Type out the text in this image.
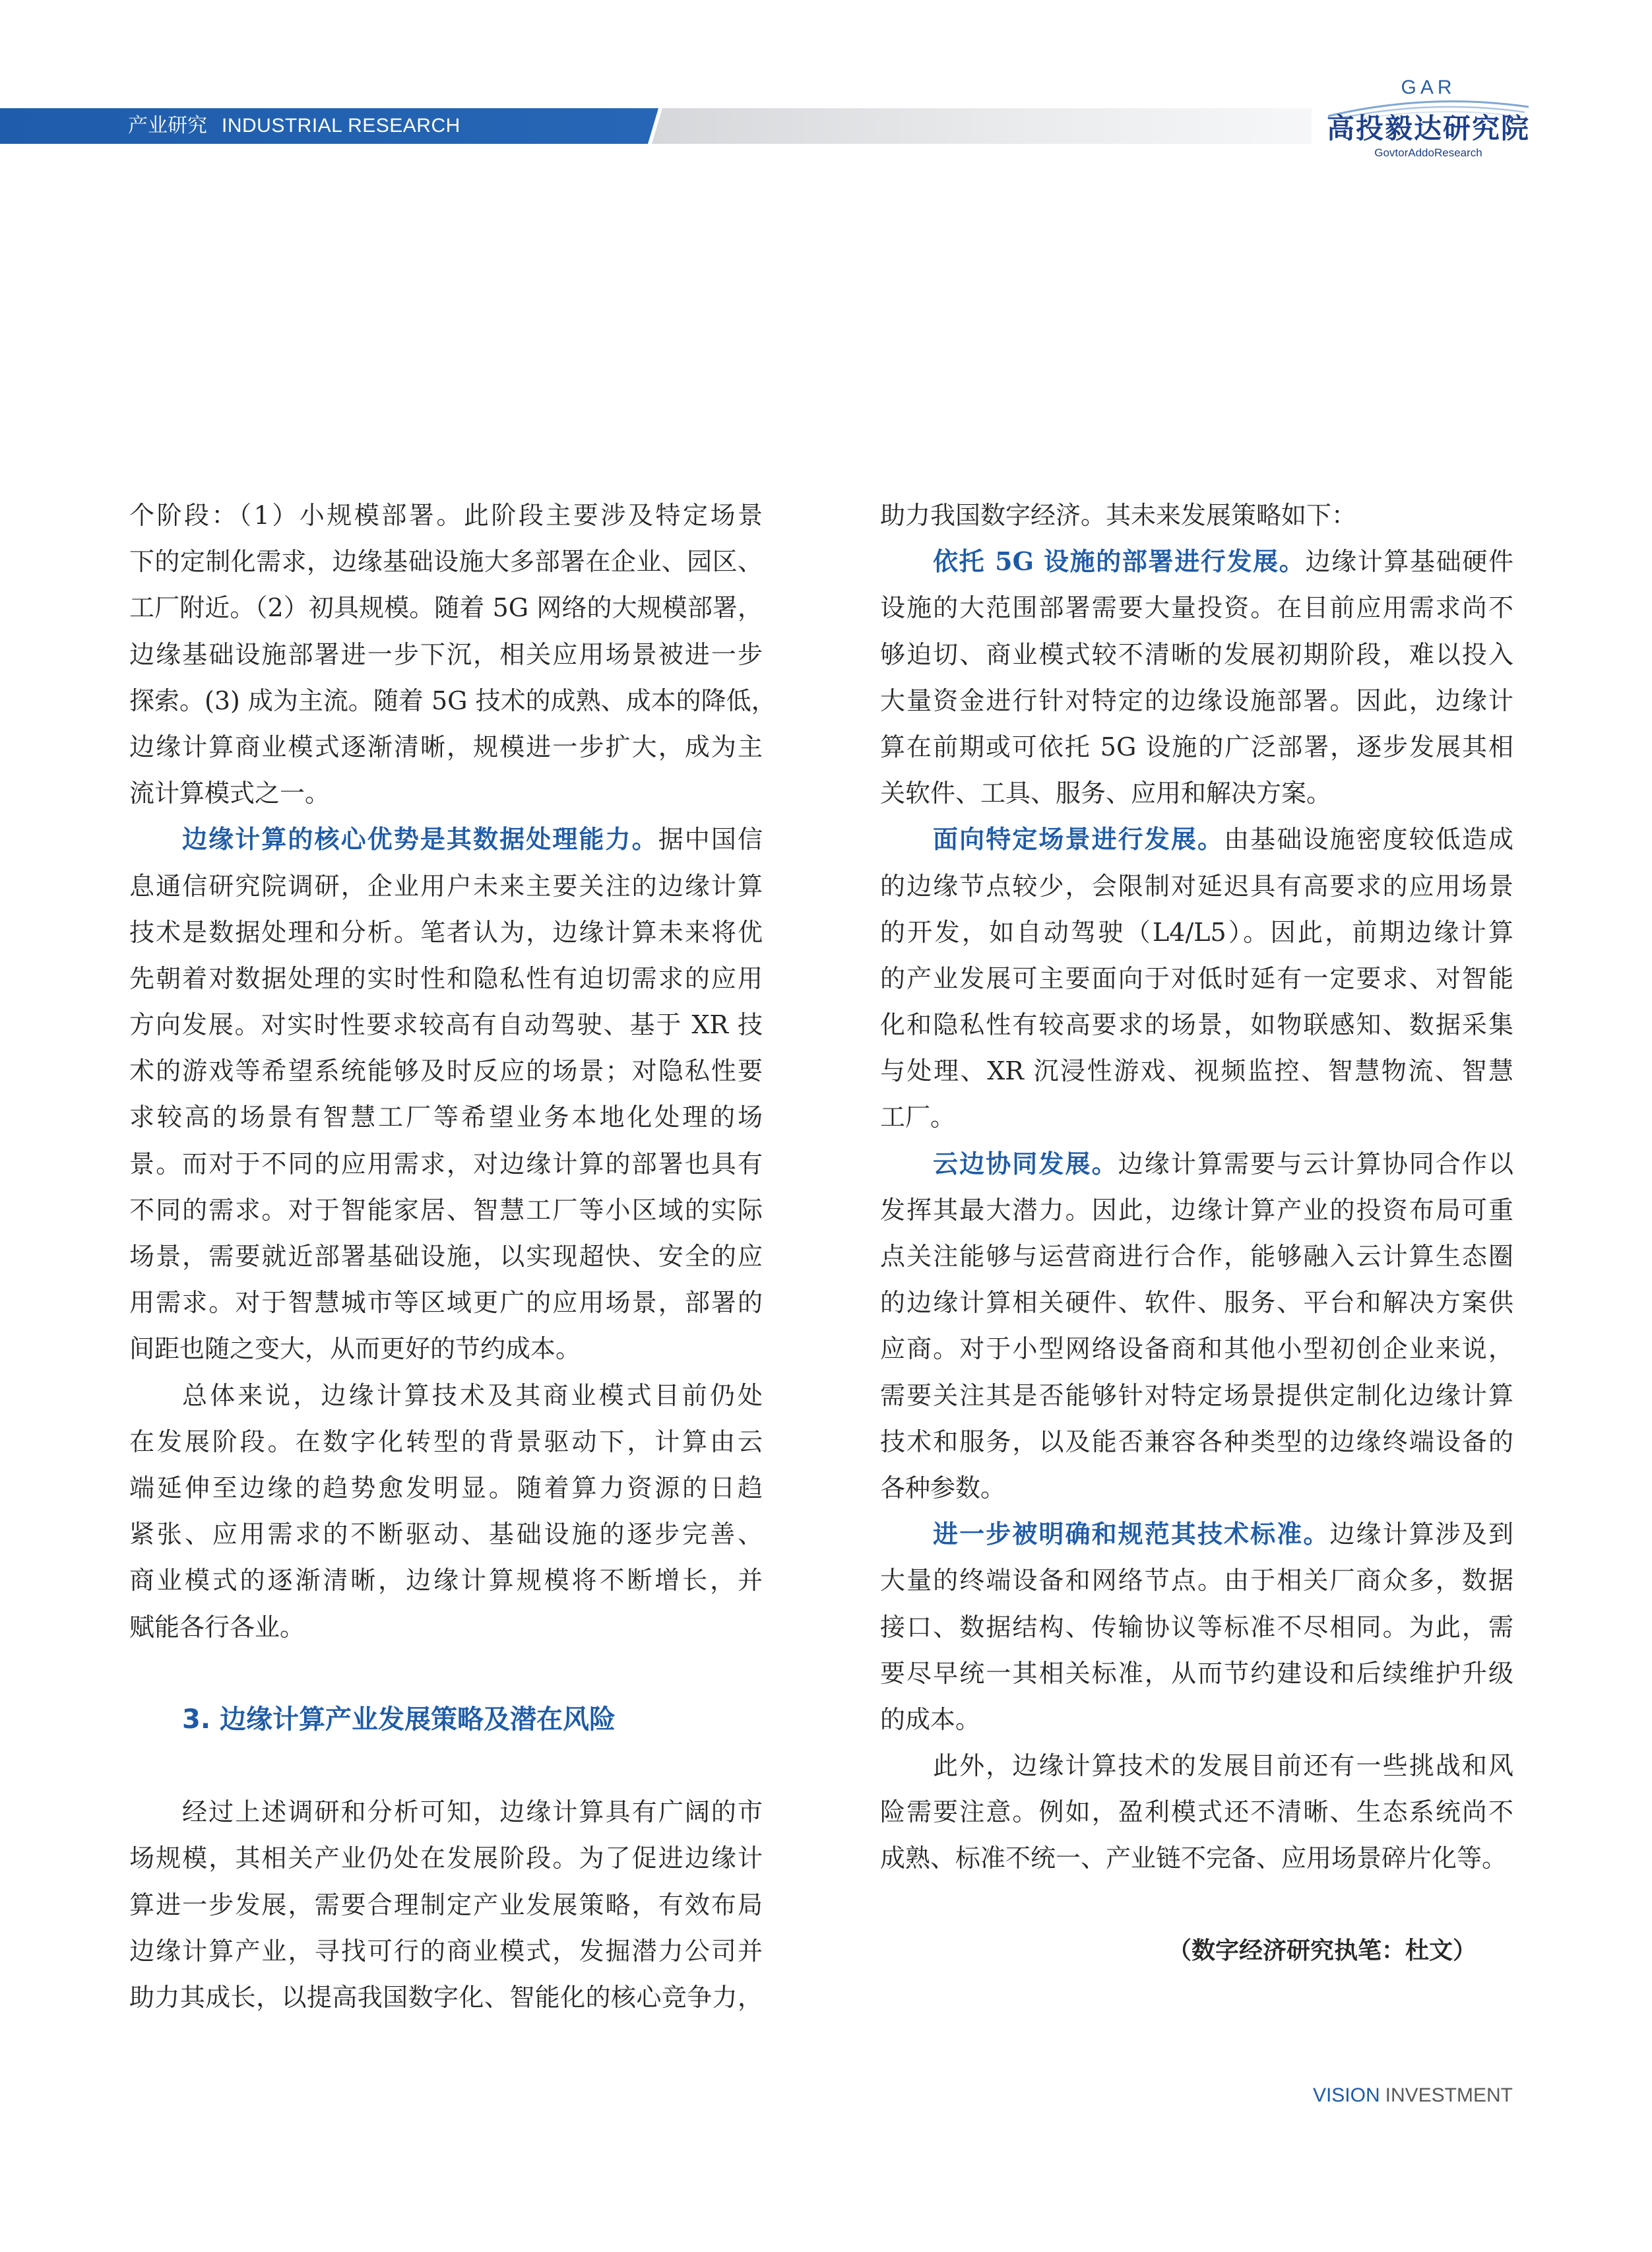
产业研究 INDUSTRIAL RESEARCH
GAR
高投毅达研究院
GovtorAddoResearch
个阶段：（1）小规模部署。此阶段主要涉及特定场景
下的定制化需求，边缘基础设施大多部署在企业、园区、
工厂附近。（2）初具规模。随着 5G 网络的大规模部署，
边缘基础设施部署进一步下沉，相关应用场景被进一步
探索。(3) 成为主流。随着 5G 技术的成熟、成本的降低，
边缘计算商业模式逐渐清晰，规模进一步扩大，成为主
流计算模式之一。
边缘计算的核心优势是其数据处理能力。据中国信
息通信研究院调研，企业用户未来主要关注的边缘计算
技术是数据处理和分析。笔者认为，边缘计算未来将优
先朝着对数据处理的实时性和隐私性有迫切需求的应用
方向发展。对实时性要求较高有自动驾驶、基于 XR 技
术的游戏等希望系统能够及时反应的场景；对隐私性要
求较高的场景有智慧工厂等希望业务本地化处理的场
景。而对于不同的应用需求，对边缘计算的部署也具有
不同的需求。对于智能家居、智慧工厂等小区域的实际
场景，需要就近部署基础设施，以实现超快、安全的应
用需求。对于智慧城市等区域更广的应用场景，部署的
间距也随之变大，从而更好的节约成本。
总体来说，边缘计算技术及其商业模式目前仍处
在发展阶段。在数字化转型的背景驱动下，计算由云
端延伸至边缘的趋势愈发明显。随着算力资源的日趋
紧张、应用需求的不断驱动、基础设施的逐步完善、
商业模式的逐渐清晰，边缘计算规模将不断增长，并
赋能各行各业。
3. 边缘计算产业发展策略及潜在风险
经过上述调研和分析可知，边缘计算具有广阔的市
场规模，其相关产业仍处在发展阶段。为了促进边缘计
算进一步发展，需要合理制定产业发展策略，有效布局
边缘计算产业，寻找可行的商业模式，发掘潜力公司并
助力其成长，以提高我国数字化、智能化的核心竞争力，
助力我国数字经济。其未来发展策略如下：
依托 5G 设施的部署进行发展。边缘计算基础硬件
设施的大范围部署需要大量投资。在目前应用需求尚不
够迫切、商业模式较不清晰的发展初期阶段，难以投入
大量资金进行针对特定的边缘设施部署。因此，边缘计
算在前期或可依托 5G 设施的广泛部署，逐步发展其相
关软件、工具、服务、应用和解决方案。
面向特定场景进行发展。由基础设施密度较低造成
的边缘节点较少，会限制对延迟具有高要求的应用场景
的开发，如自动驾驶（L4/L5）。因此，前期边缘计算
的产业发展可主要面向于对低时延有一定要求、对智能
化和隐私性有较高要求的场景，如物联感知、数据采集
与处理、XR 沉浸性游戏、视频监控、智慧物流、智慧
工厂。
云边协同发展。边缘计算需要与云计算协同合作以
发挥其最大潜力。因此，边缘计算产业的投资布局可重
点关注能够与运营商进行合作，能够融入云计算生态圈
的边缘计算相关硬件、软件、服务、平台和解决方案供
应商。对于小型网络设备商和其他小型初创企业来说，
需要关注其是否能够针对特定场景提供定制化边缘计算
技术和服务，以及能否兼容各种类型的边缘终端设备的
各种参数。
进一步被明确和规范其技术标准。边缘计算涉及到
大量的终端设备和网络节点。由于相关厂商众多，数据
接口、数据结构、传输协议等标准不尽相同。为此，需
要尽早统一其相关标准，从而节约建设和后续维护升级
的成本。
此外，边缘计算技术的发展目前还有一些挑战和风
险需要注意。例如，盈利模式还不清晰、生态系统尚不
成熟、标准不统一、产业链不完备、应用场景碎片化等。
（数字经济研究执笔：杜文）
VISION INVESTMENT
